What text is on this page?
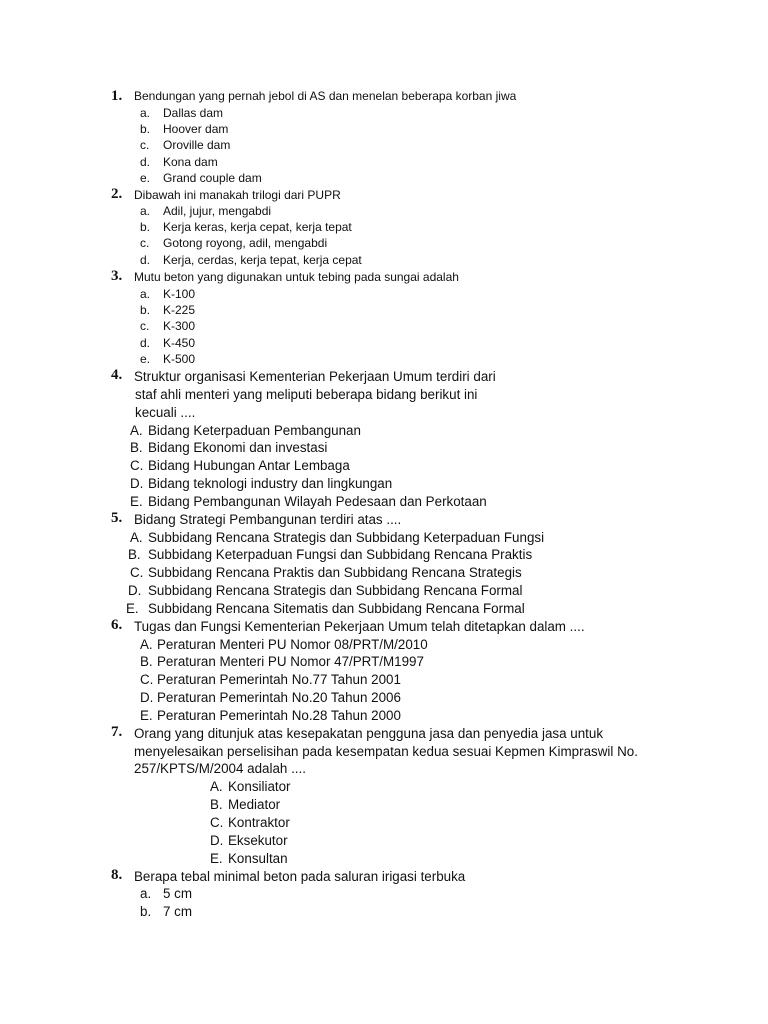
1. Bendungan yang pernah jebol di AS dan menelan beberapa korban jiwa
a. Dallas dam
b. Hoover dam
c. Oroville dam
d. Kona dam
e. Grand couple dam
2. Dibawah ini manakah trilogi dari PUPR
a. Adil, jujur, mengabdi
b. Kerja keras, kerja cepat, kerja tepat
c. Gotong royong, adil, mengabdi
d. Kerja, cerdas, kerja tepat, kerja cepat
3. Mutu beton yang digunakan untuk tebing pada sungai adalah
a. K-100
b. K-225
c. K-300
d. K-450
e. K-500
4. Struktur organisasi Kementerian Pekerjaan Umum terdiri dari
staf ahli menteri yang meliputi beberapa bidang berikut ini
kecuali ....
A. Bidang Keterpaduan Pembangunan
B. Bidang Ekonomi dan investasi
C. Bidang Hubungan Antar Lembaga
D. Bidang teknologi industry dan lingkungan
E. Bidang Pembangunan Wilayah Pedesaan dan Perkotaan
5. Bidang Strategi Pembangunan terdiri atas ....
A. Subbidang Rencana Strategis dan Subbidang Keterpaduan Fungsi
B. Subbidang Keterpaduan Fungsi dan Subbidang Rencana Praktis
C. Subbidang Rencana Praktis dan Subbidang Rencana Strategis
D. Subbidang Rencana Strategis dan Subbidang Rencana Formal
E. Subbidang Rencana Sitematis dan Subbidang Rencana Formal
6. Tugas dan Fungsi Kementerian Pekerjaan Umum telah ditetapkan dalam ....
A. Peraturan Menteri PU Nomor 08/PRT/M/2010
B. Peraturan Menteri PU Nomor 47/PRT/M1997
C. Peraturan Pemerintah No.77 Tahun 2001
D. Peraturan Pemerintah No.20 Tahun 2006
E. Peraturan Pemerintah No.28 Tahun 2000
7. Orang yang ditunjuk atas kesepakatan pengguna jasa dan penyedia jasa untuk
menyelesaikan perselisihan pada kesempatan kedua sesuai Kepmen Kimpraswil No.
257/KPTS/M/2004 adalah ....
A. Konsiliator
B. Mediator
C. Kontraktor
D. Eksekutor
E. Konsultan
8. Berapa tebal minimal beton pada saluran irigasi terbuka
a. 5 cm
b. 7 cm
